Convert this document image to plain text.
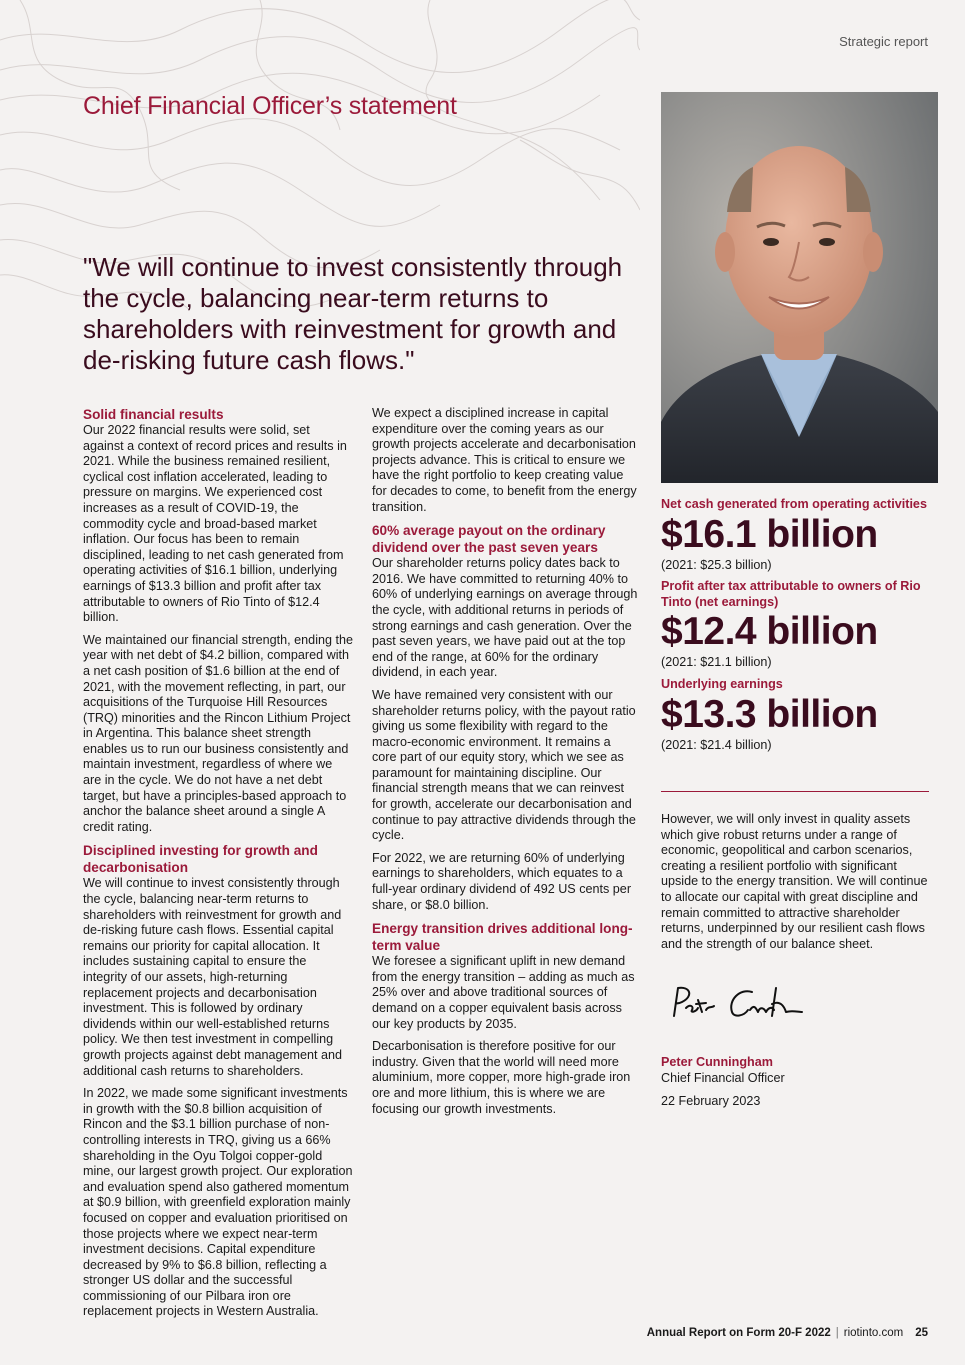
Strategic report
Chief Financial Officer’s statement
"We will continue to invest consistently through the cycle, balancing near-term returns to shareholders with reinvestment for growth and de-risking future cash flows."
Solid financial results

Our 2022 financial results were solid, set against a context of record prices and results in 2021. While the business remained resilient, cyclical cost inflation accelerated, leading to pressure on margins. We experienced cost increases as a result of COVID-19, the commodity cycle and broad-based market inflation. Our focus has been to remain disciplined, leading to net cash generated from operating activities of $16.1 billion, underlying earnings of $13.3 billion and profit after tax attributable to owners of Rio Tinto of $12.4 billion.

We maintained our financial strength, ending the year with net debt of $4.2 billion, compared with a net cash position of $1.6 billion at the end of 2021, with the movement reflecting, in part, our acquisitions of the Turquoise Hill Resources (TRQ) minorities and the Rincon Lithium Project in Argentina. This balance sheet strength enables us to run our business consistently and maintain investment, regardless of where we are in the cycle. We do not have a net debt target, but have a principles-based approach to anchor the balance sheet around a single A credit rating.

Disciplined investing for growth and decarbonisation

We will continue to invest consistently through the cycle, balancing near-term returns to shareholders with reinvestment for growth and de-risking future cash flows. Essential capital remains our priority for capital allocation. It includes sustaining capital to ensure the integrity of our assets, high-returning replacement projects and decarbonisation investment. This is followed by ordinary dividends within our well-established returns policy. We then test investment in compelling growth projects against debt management and additional cash returns to shareholders.

In 2022, we made some significant investments in growth with the $0.8 billion acquisition of Rincon and the $3.1 billion purchase of non-controlling interests in TRQ, giving us a 66% shareholding in the Oyu Tolgoi copper-gold mine, our largest growth project. Our exploration and evaluation spend also gathered momentum at $0.9 billion, with greenfield exploration mainly focused on copper and evaluation prioritised on those projects where we expect near-term investment decisions. Capital expenditure decreased by 9% to $6.8 billion, reflecting a stronger US dollar and the successful commissioning of our Pilbara iron ore replacement projects in Western Australia.

We expect a disciplined increase in capital expenditure over the coming years as our growth projects accelerate and decarbonisation projects advance. This is critical to ensure we have the right portfolio to keep creating value for decades to come, to benefit from the energy transition.

60% average payout on the ordinary dividend over the past seven years

Our shareholder returns policy dates back to 2016. We have committed to returning 40% to 60% of underlying earnings on average through the cycle, with additional returns in periods of strong earnings and cash generation. Over the past seven years, we have paid out at the top end of the range, at 60% for the ordinary dividend, in each year.

We have remained very consistent with our shareholder returns policy, with the payout ratio giving us some flexibility with regard to the macro-economic environment. It remains a core part of our equity story, which we see as paramount for maintaining discipline. Our financial strength means that we can reinvest for growth, accelerate our decarbonisation and continue to pay attractive dividends through the cycle.

For 2022, we are returning 60% of underlying earnings to shareholders, which equates to a full-year ordinary dividend of 492 US cents per share, or $8.0 billion.

Energy transition drives additional long-term value

We foresee a significant uplift in new demand from the energy transition – adding as much as 25% over and above traditional sources of demand on a copper equivalent basis across our key products by 2035.

Decarbonisation is therefore positive for our industry. Given that the world will need more aluminium, more copper, more high-grade iron ore and more lithium, this is where we are focusing our growth investments.

Net cash generated from operating activities
$16.1 billion
(2021: $25.3 billion)
Profit after tax attributable to owners of Rio Tinto (net earnings)
$12.4 billion
(2021: $21.1 billion)
Underlying earnings
$13.3 billion
(2021: $21.4 billion)

However, we will only invest in quality assets which give robust returns under a range of economic, geopolitical and carbon scenarios, creating a resilient portfolio with significant upside to the energy transition. We will continue to allocate our capital with great discipline and remain committed to attractive shareholder returns, underpinned by our resilient cash flows and the strength of our balance sheet.

Peter Cunningham
Chief Financial Officer
22 February 2023
Annual Report on Form 20-F 2022 | riotinto.com 25
